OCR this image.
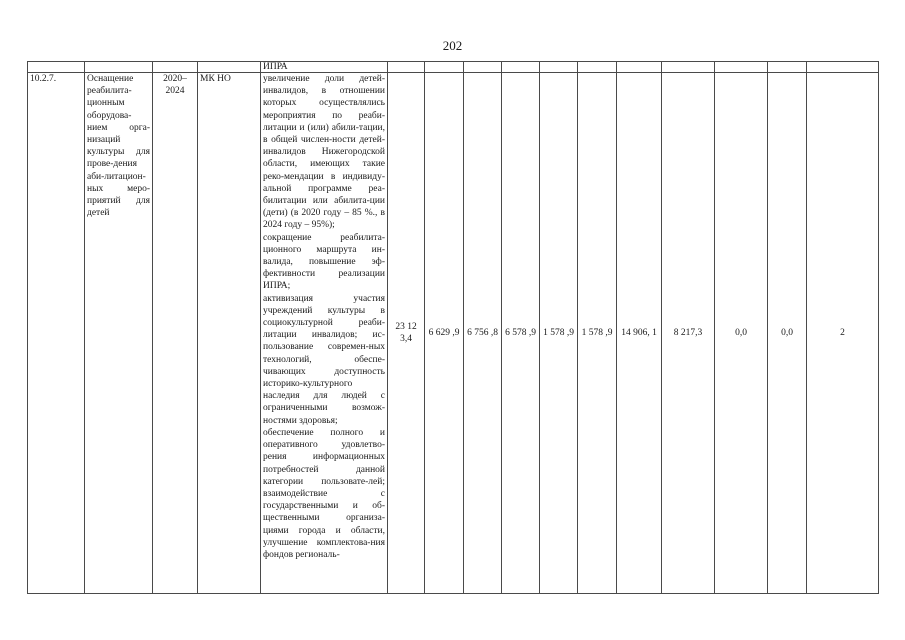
202
				ИПРА											
10.2.7.	Оснащение реабилита-ционным оборудова-нием орга-низаций культуры для прове-дения аби-литацион-ных меро-приятий для детей	2020–2024	МК НО	увеличение доли детей-инвалидов, в отношении которых осуществлялись мероприятия по реаби-литации и (или) абили-тации, в общей числен-ности детей-инвалидов Нижегородской области, имеющих такие реко-мендации в индивиду-альной программе реа-билитации или абилита-ции (дети) (в 2020 году – 85 %., в 2024 году – 95%);
сокращение реабилита-ционного маршрута ин-валида, повышение эф-фективности реализации ИПРА;
активизация участия учреждений культуры в социокультурной реаби-литации инвалидов; ис-пользование современ-ных технологий, обеспе-чивающих доступность историко-культурного наследия для людей с ограниченными возмож-ностями здоровья;
обеспечение полного и оперативного удовлетво-рения информационных потребностей данной категории пользовате-лей; взаимодействие с государственными и об-щественными организа-циями города и области, улучшение комплектова-ния фондов региональ-	23 12 3,4	6 629 ,9	6 756 ,8	6 578 ,9	1 578 ,9	1 578 ,9	14 906, 1	8 217,3	0,0	0,0	2
